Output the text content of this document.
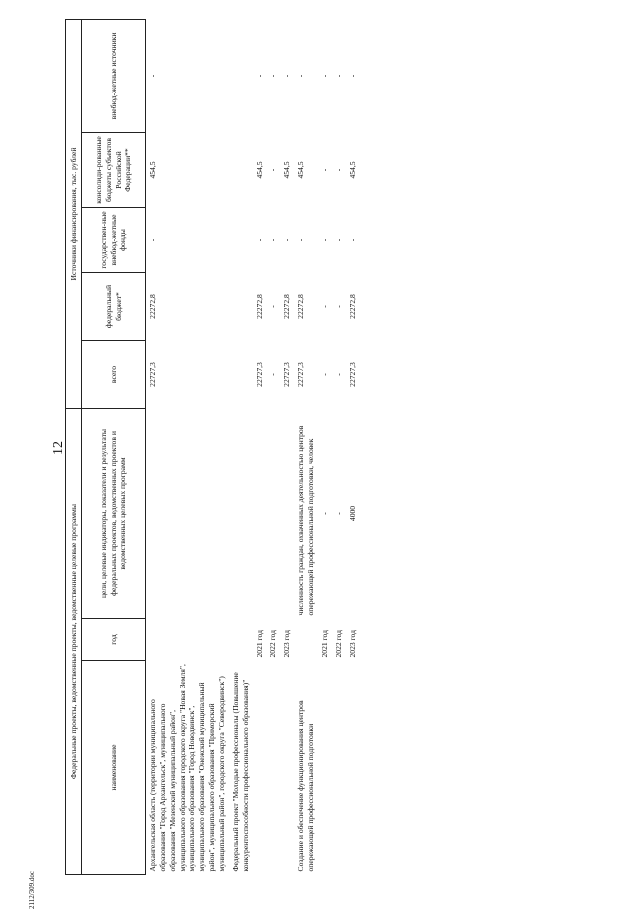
12
2112/309.doc
Федеральные проекты, ведомственные проекты, ведомственные целевые программы			Источники финансирования, тыс. рублей				
наименование	год	цели, целевые индикаторы, показатели и результаты федеральных проектов, ведомственных проектов и ведомственных целевых программ	всего	федеральный бюджет*	государствен-ные внебюд-жетные фонды	консолиди-рованные бюджеты субъектов Российской Федерации**	внебюд-жетные источники
Архангельская область (территории муниципального образования "Город Архангельск", муниципального образования "Мезенский муниципальный район", муниципального образования городского округа "Новая Земля", муниципального образования "Город Новодвинск", муниципального образования "Онежский муниципальный район", муниципального образования "Приморский муниципальный район", городского округа "Северодвинск")			22727,3	22272,8	-	454,5	-
Федеральный проект "Молодые профессионалы (Повышение конкурентоспособности профессионального образования)"							
	2021 год		22727,3	22272,8	-	454,5	-
	2022 год		-	-	-	-	-
	2023 год		22727,3	22272,8	-	454,5	-
Создание и обеспечение функционирования центров опережающей профессиональной подготовки		численность граждан, охваченных деятельностью центров опережающей профессиональной подготовки, человек	22727,3	22272,8	-	454,5	-
	2021 год	-	-	-	-	-	-
	2022 год	-	-	-	-	-	-
	2023 год	4000	22727,3	22272,8	-	454,5	-
